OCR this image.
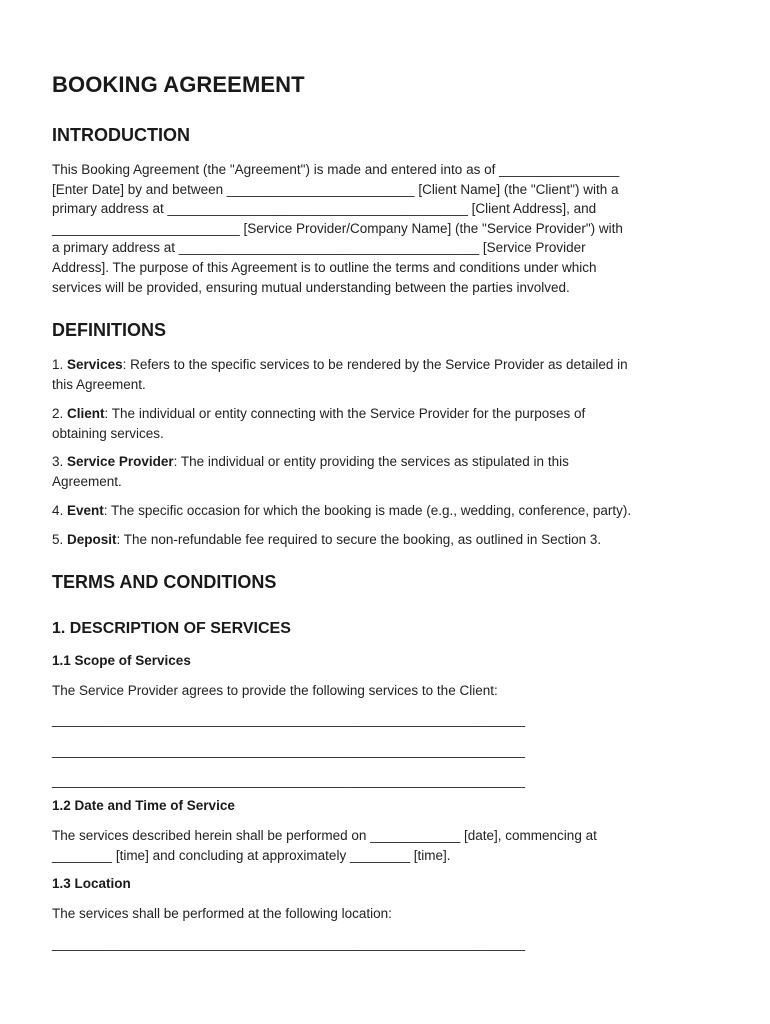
BOOKING AGREEMENT
INTRODUCTION
This Booking Agreement (the "Agreement") is made and entered into as of ________________
[Enter Date] by and between _________________________ [Client Name] (the "Client") with a
primary address at ________________________________________ [Client Address], and
_________________________ [Service Provider/Company Name] (the "Service Provider") with
a primary address at ________________________________________ [Service Provider
Address]. The purpose of this Agreement is to outline the terms and conditions under which
services will be provided, ensuring mutual understanding between the parties involved.
DEFINITIONS
1. Services: Refers to the specific services to be rendered by the Service Provider as detailed in
this Agreement.
2. Client: The individual or entity connecting with the Service Provider for the purposes of
obtaining services.
3. Service Provider: The individual or entity providing the services as stipulated in this
Agreement.
4. Event: The specific occasion for which the booking is made (e.g., wedding, conference, party).
5. Deposit: The non-refundable fee required to secure the booking, as outlined in Section 3.
TERMS AND CONDITIONS
1. DESCRIPTION OF SERVICES
1.1 Scope of Services
The Service Provider agrees to provide the following services to the Client:
_______________________________________________________________
_______________________________________________________________
_______________________________________________________________
1.2 Date and Time of Service
The services described herein shall be performed on ____________ [date], commencing at
________ [time] and concluding at approximately ________ [time].
1.3 Location
The services shall be performed at the following location:
_______________________________________________________________
